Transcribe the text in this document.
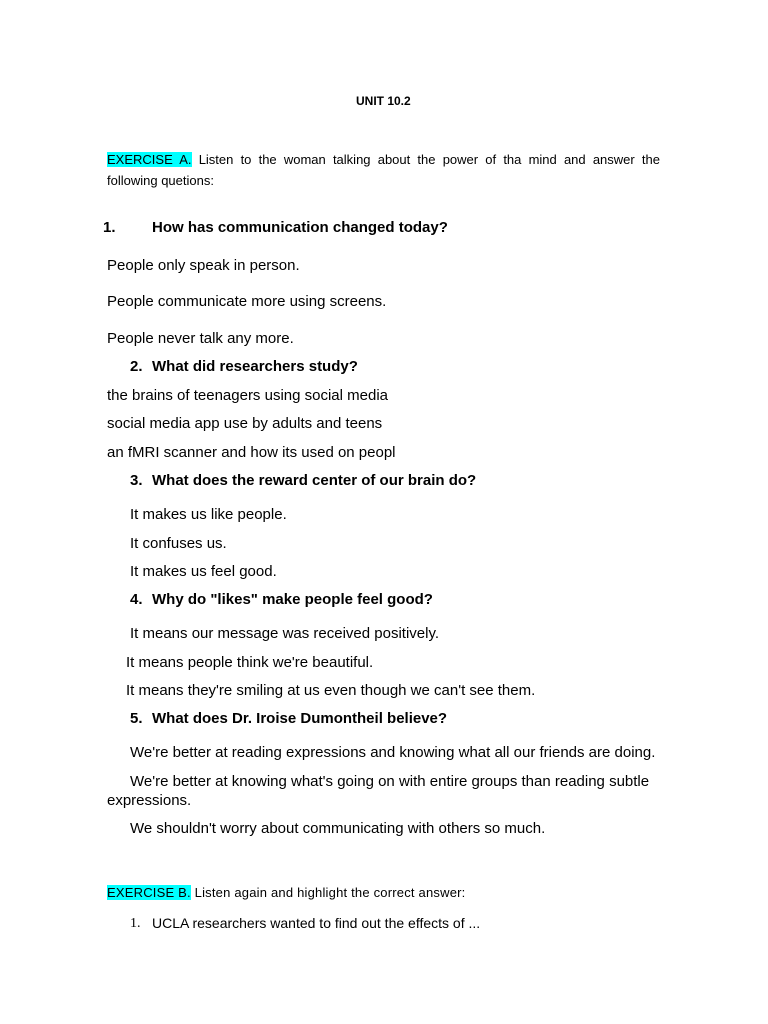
UNIT 10.2
EXERCISE A. Listen to the woman talking about the power of tha mind and answer the following quetions:
1. How has communication changed today?
People only speak in person.
People communicate more using screens.
People never talk any more.
2. What did researchers study?
the brains of teenagers using social media
social media app use by adults and teens
an fMRI scanner and how its used on peopl
3. What does the reward center of our brain do?
It makes us like people.
It confuses us.
It makes us feel good.
4. Why do "likes" make people feel good?
It means our message was received positively.
It means people think we're beautiful.
It means they're smiling at us even though we can't see them.
5. What does Dr. Iroise Dumontheil believe?
We're better at reading expressions and knowing what all our friends are doing.
We're better at knowing what's going on with entire groups than reading subtle
expressions.
We shouldn't worry about communicating with others so much.
EXERCISE B. Listen again and highlight the correct answer:
1. UCLA researchers wanted to find out the effects of ...
